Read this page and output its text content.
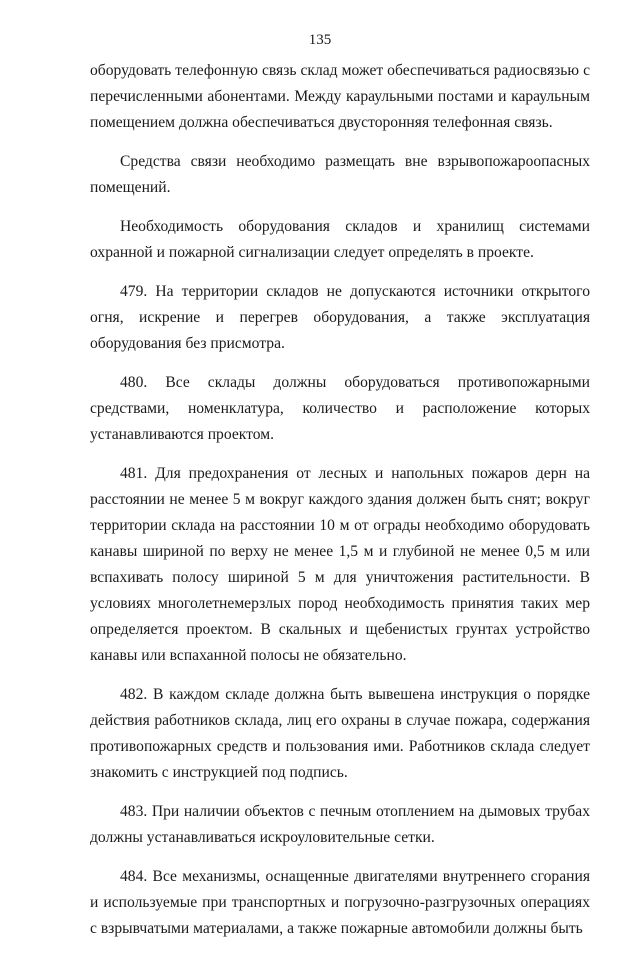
135

оборудовать телефонную связь склад может обеспечиваться радиосвязью с перечисленными абонентами. Между караульными постами и караульным помещением должна обеспечиваться двусторонняя телефонная связь.

Средства связи необходимо размещать вне взрывопожароопасных помещений.

Необходимость оборудования складов и хранилищ системами охранной и пожарной сигнализации следует определять в проекте.

479. На территории складов не допускаются источники открытого огня, искрение и перегрев оборудования, а также эксплуатация оборудования без присмотра.

480. Все склады должны оборудоваться противопожарными средствами, номенклатура, количество и расположение которых устанавливаются проектом.

481. Для предохранения от лесных и напольных пожаров дерн на расстоянии не менее 5 м вокруг каждого здания должен быть снят; вокруг территории склада на расстоянии 10 м от ограды необходимо оборудовать канавы шириной по верху не менее 1,5 м и глубиной не менее 0,5 м или вспахивать полосу шириной 5 м для уничтожения растительности. В условиях многолетнемерзлых пород необходимость принятия таких мер определяется проектом. В скальных и щебенистых грунтах устройство канавы или вспаханной полосы не обязательно.

482. В каждом складе должна быть вывешена инструкция о порядке действия работников склада, лиц его охраны в случае пожара, содержания противопожарных средств и пользования ими. Работников склада следует знакомить с инструкцией под подпись.

483. При наличии объектов с печным отоплением на дымовых трубах должны устанавливаться искроуловительные сетки.

484. Все механизмы, оснащенные двигателями внутреннего сгорания и используемые при транспортных и погрузочно-разгрузочных операциях с взрывчатыми материалами, а также пожарные автомобили должны быть
